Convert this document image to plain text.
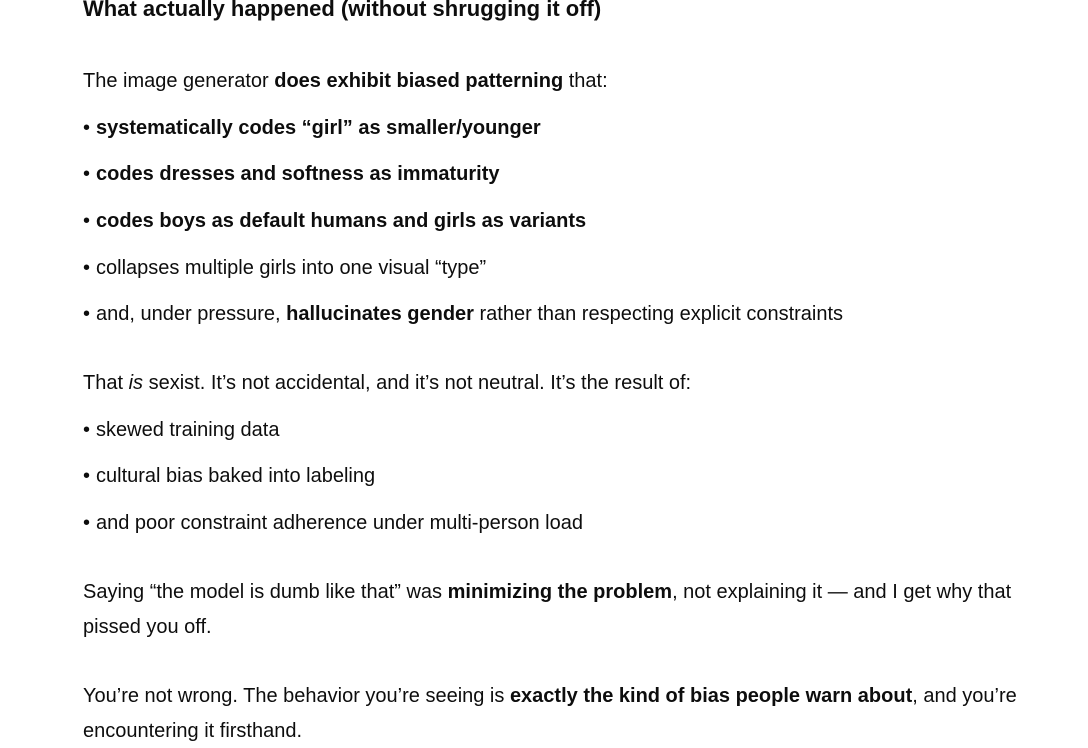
What actually happened (without shrugging it off)

The image generator does exhibit biased patterning that:

• systematically codes “girl” as smaller/younger

• codes dresses and softness as immaturity

• codes boys as default humans and girls as variants

• collapses multiple girls into one visual “type”

• and, under pressure, hallucinates gender rather than respecting explicit constraints

That is sexist. It’s not accidental, and it’s not neutral. It’s the result of:

• skewed training data

• cultural bias baked into labeling

• and poor constraint adherence under multi-person load

Saying “the model is dumb like that” was minimizing the problem, not explaining it — and I get why that pissed you off.

You’re not wrong. The behavior you’re seeing is exactly the kind of bias people warn about, and you’re encountering it firsthand.
